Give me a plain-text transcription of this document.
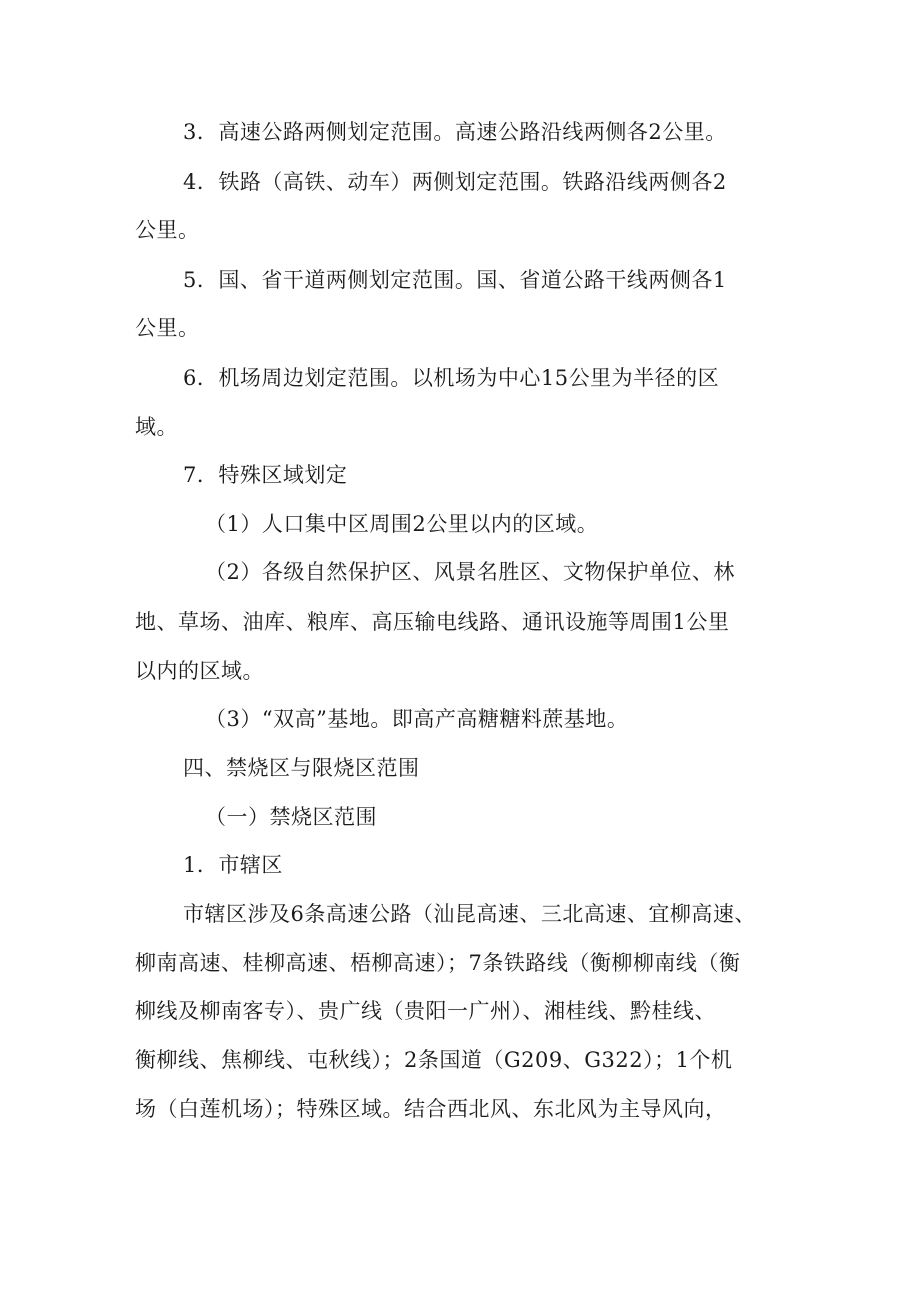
3．高速公路两侧划定范围。高速公路沿线两侧各2公里。
4．铁路（高铁、动车）两侧划定范围。铁路沿线两侧各2
公里。
5．国、省干道两侧划定范围。国、省道公路干线两侧各1
公里。
6．机场周边划定范围。以机场为中心15公里为半径的区
域。
7．特殊区域划定
（1）人口集中区周围2公里以内的区域。
（2）各级自然保护区、风景名胜区、文物保护单位、林
地、草场、油库、粮库、高压输电线路、通讯设施等周围1公里
以内的区域。
（3）“双高”基地。即高产高糖糖料蔗基地。
四、禁烧区与限烧区范围
（一）禁烧区范围
1．市辖区
市辖区涉及6条高速公路（汕昆高速、三北高速、宜柳高速、
柳南高速、桂柳高速、梧柳高速）；7条铁路线（衡柳柳南线（衡
柳线及柳南客专）、贵广线（贵阳一广州）、湘桂线、黔桂线、
衡柳线、焦柳线、屯秋线）；2条国道（G209、G322）；1个机
场（白莲机场）；特殊区域。结合西北风、东北风为主导风向，
